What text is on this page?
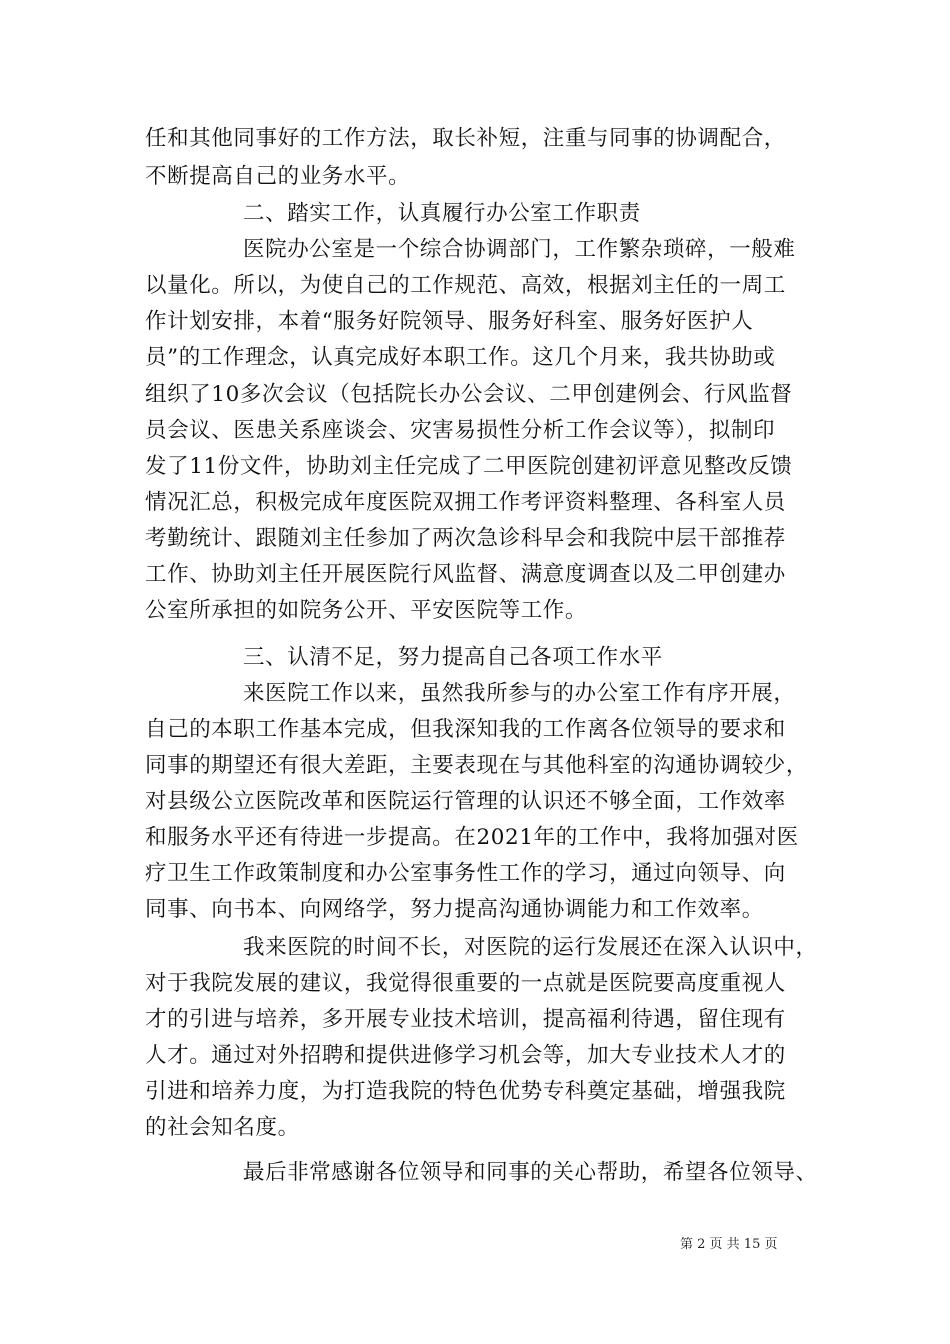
任和其他同事好的工作方法，取长补短，注重与同事的协调配合，
不断提高自己的业务水平。
二、踏实工作，认真履行办公室工作职责
医院办公室是一个综合协调部门，工作繁杂琐碎，一般难
以量化。所以，为使自己的工作规范、高效，根据刘主任的一周工
作计划安排，本着“服务好院领导、服务好科室、服务好医护人
员”的工作理念，认真完成好本职工作。这几个月来，我共协助或
组织了10多次会议（包括院长办公会议、二甲创建例会、行风监督
员会议、医患关系座谈会、灾害易损性分析工作会议等），拟制印
发了11份文件，协助刘主任完成了二甲医院创建初评意见整改反馈
情况汇总，积极完成年度医院双拥工作考评资料整理、各科室人员
考勤统计、跟随刘主任参加了两次急诊科早会和我院中层干部推荐
工作、协助刘主任开展医院行风监督、满意度调查以及二甲创建办
公室所承担的如院务公开、平安医院等工作。
三、认清不足，努力提高自己各项工作水平
来医院工作以来，虽然我所参与的办公室工作有序开展，
自己的本职工作基本完成，但我深知我的工作离各位领导的要求和
同事的期望还有很大差距，主要表现在与其他科室的沟通协调较少，
对县级公立医院改革和医院运行管理的认识还不够全面，工作效率
和服务水平还有待进一步提高。在2021年的工作中，我将加强对医
疗卫生工作政策制度和办公室事务性工作的学习，通过向领导、向
同事、向书本、向网络学，努力提高沟通协调能力和工作效率。
我来医院的时间不长，对医院的运行发展还在深入认识中，
对于我院发展的建议，我觉得很重要的一点就是医院要高度重视人
才的引进与培养，多开展专业技术培训，提高福利待遇，留住现有
人才。通过对外招聘和提供进修学习机会等，加大专业技术人才的
引进和培养力度，为打造我院的特色优势专科奠定基础，增强我院
的社会知名度。
最后非常感谢各位领导和同事的关心帮助，希望各位领导、
第 2 页 共 15 页
